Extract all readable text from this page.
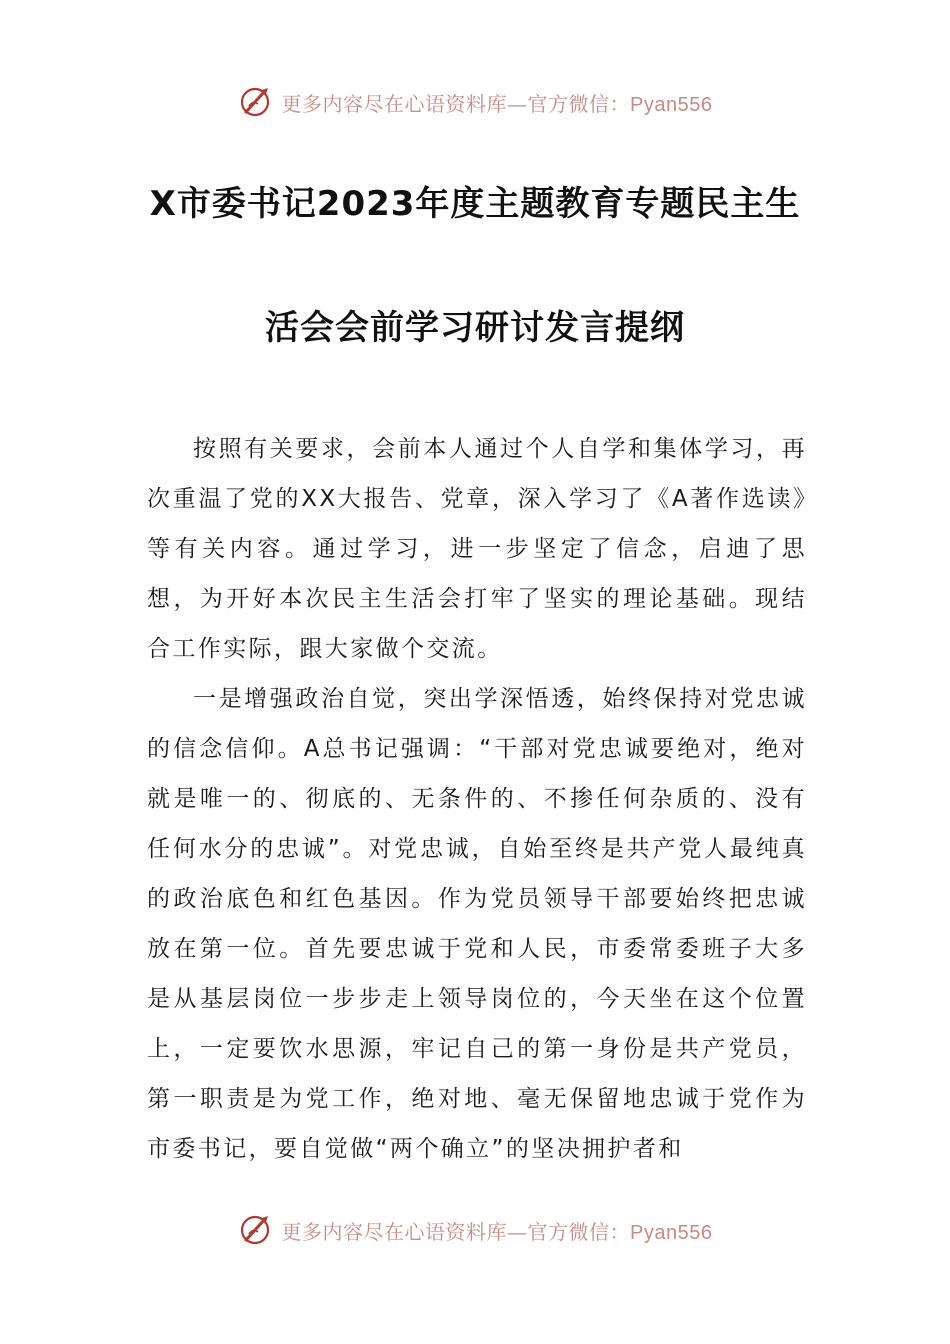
更多内容尽在心语资料库—官方微信：Pyan556
X市委书记2023年度主题教育专题民主生
活会会前学习研讨发言提纲

按照有关要求，会前本人通过个人自学和集体学习，再次重温了党的XX大报告、党章，深入学习了《A著作选读》等有关内容。通过学习，进一步坚定了信念，启迪了思想，为开好本次民主生活会打牢了坚实的理论基础。现结合工作实际，跟大家做个交流。

一是增强政治自觉，突出学深悟透，始终保持对党忠诚的信念信仰。A总书记强调：“干部对党忠诚要绝对，绝对就是唯一的、彻底的、无条件的、不掺任何杂质的、没有任何水分的忠诚”。对党忠诚，自始至终是共产党人最纯真的政治底色和红色基因。作为党员领导干部要始终把忠诚放在第一位。首先要忠诚于党和人民，市委常委班子大多是从基层岗位一步步走上领导岗位的，今天坐在这个位置上，一定要饮水思源，牢记自己的第一身份是共产党员，第一职责是为党工作，绝对地、毫无保留地忠诚于党作为市委书记，要自觉做“两个确立”的坚决拥护者和

更多内容尽在心语资料库—官方微信：Pyan556
